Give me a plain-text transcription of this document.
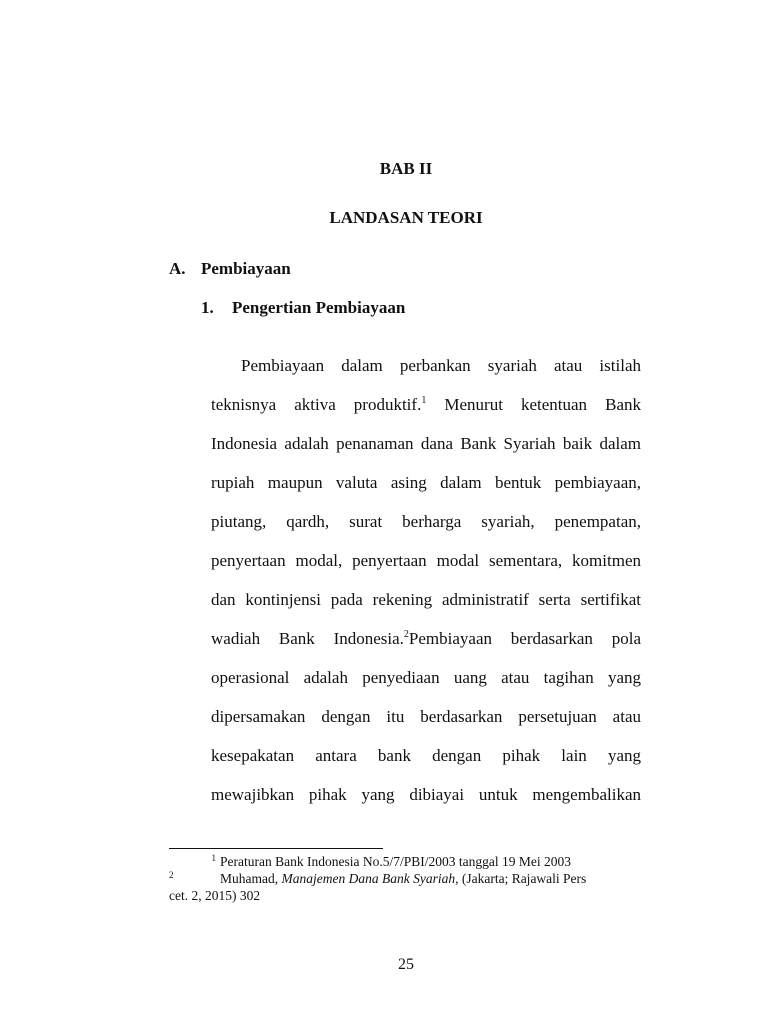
BAB II
LANDASAN TEORI
A. Pembiayaan
1. Pengertian Pembiayaan
Pembiayaan dalam perbankan syariah atau istilah
teknisnya aktiva produktif.$^1$ Menurut ketentuan Bank
Indonesia adalah penanaman dana Bank Syariah baik dalam
rupiah maupun valuta asing dalam bentuk pembiayaan,
piutang, qardh, surat berharga syariah, penempatan,
penyertaan modal, penyertaan modal sementara, komitmen
dan kontinjensi pada rekening administratif serta sertifikat
wadiah Bank Indonesia.$^2$Pembiayaan berdasarkan pola
operasional adalah penyediaan uang atau tagihan yang
dipersamakan dengan itu berdasarkan persetujuan atau
kesepakatan antara bank dengan pihak lain yang
mewajibkan pihak yang dibiayai untuk mengembalikan
$^1$ Peraturan Bank Indonesia No.5/7/PBI/2003 tanggal 19 Mei 2003
$^2$	Muhamad, Manajemen Dana Bank Syariah, (Jakarta; Rajawali Pers
cet. 2, 2015) 302
25
